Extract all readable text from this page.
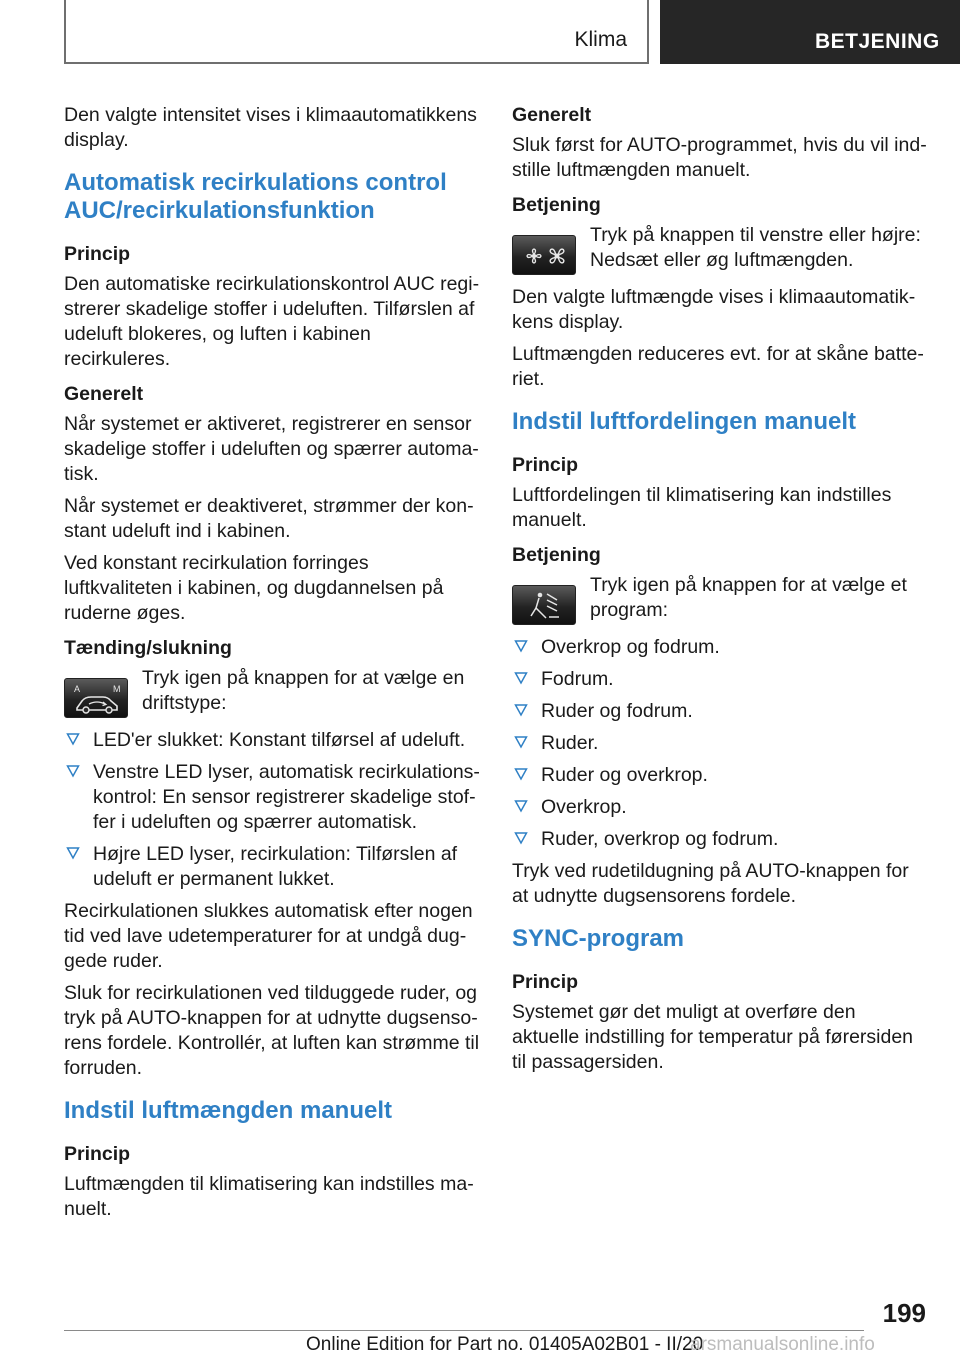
Klima	BETJENING

Den valgte intensitet vises i klimaautomatikkens display.

Automatisk recirkulations control AUC/recirkulationsfunktion
Princip

Den automatiske recirkulationskontrol AUC registrerer skadelige stoffer i udeluften. Tilførslen af udeluft blokeres, og luften i kabinen recirkuleres.

Generelt

Når systemet er aktiveret, registrerer en sensor skadelige stoffer i udeluften og spærrer automatisk.

Når systemet er deaktiveret, strømmer der konstant udeluft ind i kabinen.

Ved konstant recirkulation forringes luftkvaliteten i kabinen, og dugdannelsen på ruderne øges.

Tænding/slukning
A	M Tryk igen på knappen for at vælge en driftstype:
LED'er slukket: Konstant tilførsel af udeluft.
Venstre LED lyser, automatisk recirkulationskontrol: En sensor registrerer skadelige stoffer i udeluften og spærrer automatisk.
Højre LED lyser, recirkulation: Tilførslen af udeluft er permanent lukket.

Recirkulationen slukkes automatisk efter nogen tid ved lave udetemperaturer for at undgå duggede ruder.

Sluk for recirkulationen ved tilduggede ruder, og tryk på AUTO-knappen for at udnytte dugsensorens fordele. Kontrollér, at luften kan strømme til forruden.

Indstil luftmængden manuelt
Princip

Luftmængden til klimatisering kan indstilles manuelt.

Generelt

Sluk først for AUTO-programmet, hvis du vil indstille luftmængden manuelt.

Betjening
Tryk på knappen til venstre eller højre: Nedsæt eller øg luftmængden.

Den valgte luftmængde vises i klimaautomatikkens display.

Luftmængden reduceres evt. for at skåne batteriet.

Indstil luftfordelingen manuelt
Princip

Luftfordelingen til klimatisering kan indstilles manuelt.

Betjening
Tryk igen på knappen for at vælge et program:
Overkrop og fodrum.
Fodrum.
Ruder og fodrum.
Ruder.
Ruder og overkrop.
Overkrop.
Ruder, overkrop og fodrum.

Tryk ved rudetildugning på AUTO-knappen for at udnytte dugsensorens fordele.

SYNC-program
Princip

Systemet gør det muligt at overføre den aktuelle indstilling for temperatur på førersiden til passagersiden.

199
Online Edition for Part no. 01405A02B01 - II/20
arsmanualsonline.info
